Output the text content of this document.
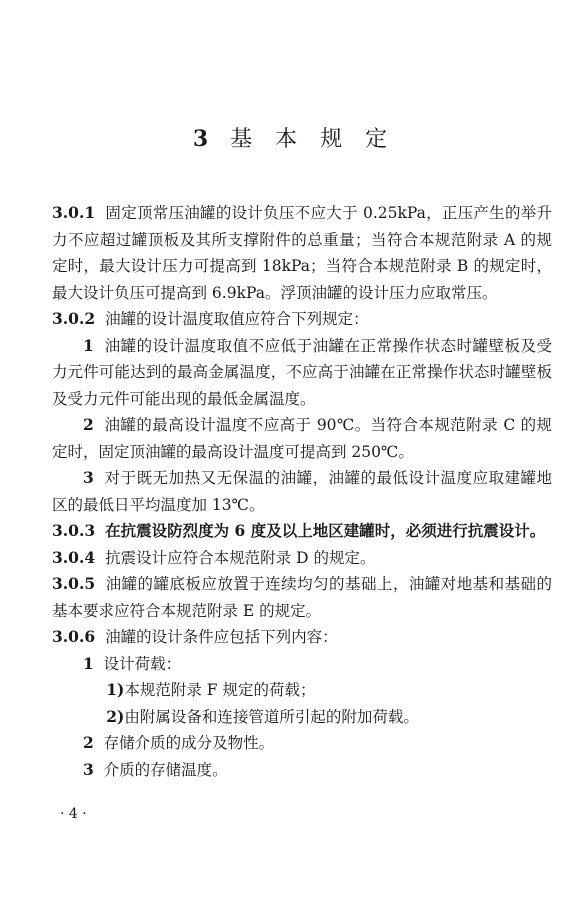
3 基 本 规 定

3.0.1 固定顶常压油罐的设计负压不应大于 0.25kPa，正压产生的举升力不应超过罐顶板及其所支撑附件的总重量；当符合本规范附录 A 的规定时，最大设计压力可提高到 18kPa；当符合本规范附录 B 的规定时，最大设计负压可提高到 6.9kPa。浮顶油罐的设计压力应取常压。

3.0.2 油罐的设计温度取值应符合下列规定：

1 油罐的设计温度取值不应低于油罐在正常操作状态时罐壁板及受力元件可能达到的最高金属温度，不应高于油罐在正常操作状态时罐壁板及受力元件可能出现的最低金属温度。

2 油罐的最高设计温度不应高于 90℃。当符合本规范附录 C 的规定时，固定顶油罐的最高设计温度可提高到 250℃。

3 对于既无加热又无保温的油罐，油罐的最低设计温度应取建罐地区的最低日平均温度加 13℃。

3.0.3 在抗震设防烈度为 6 度及以上地区建罐时，必须进行抗震设计。

3.0.4 抗震设计应符合本规范附录 D 的规定。

3.0.5 油罐的罐底板应放置于连续均匀的基础上，油罐对地基和基础的基本要求应符合本规范附录 E 的规定。

3.0.6 油罐的设计条件应包括下列内容：

1 设计荷载：

1)本规范附录 F 规定的荷载；

2)由附属设备和连接管道所引起的附加荷载。

2 存储介质的成分及物性。

3 介质的存储温度。

· 4 ·
